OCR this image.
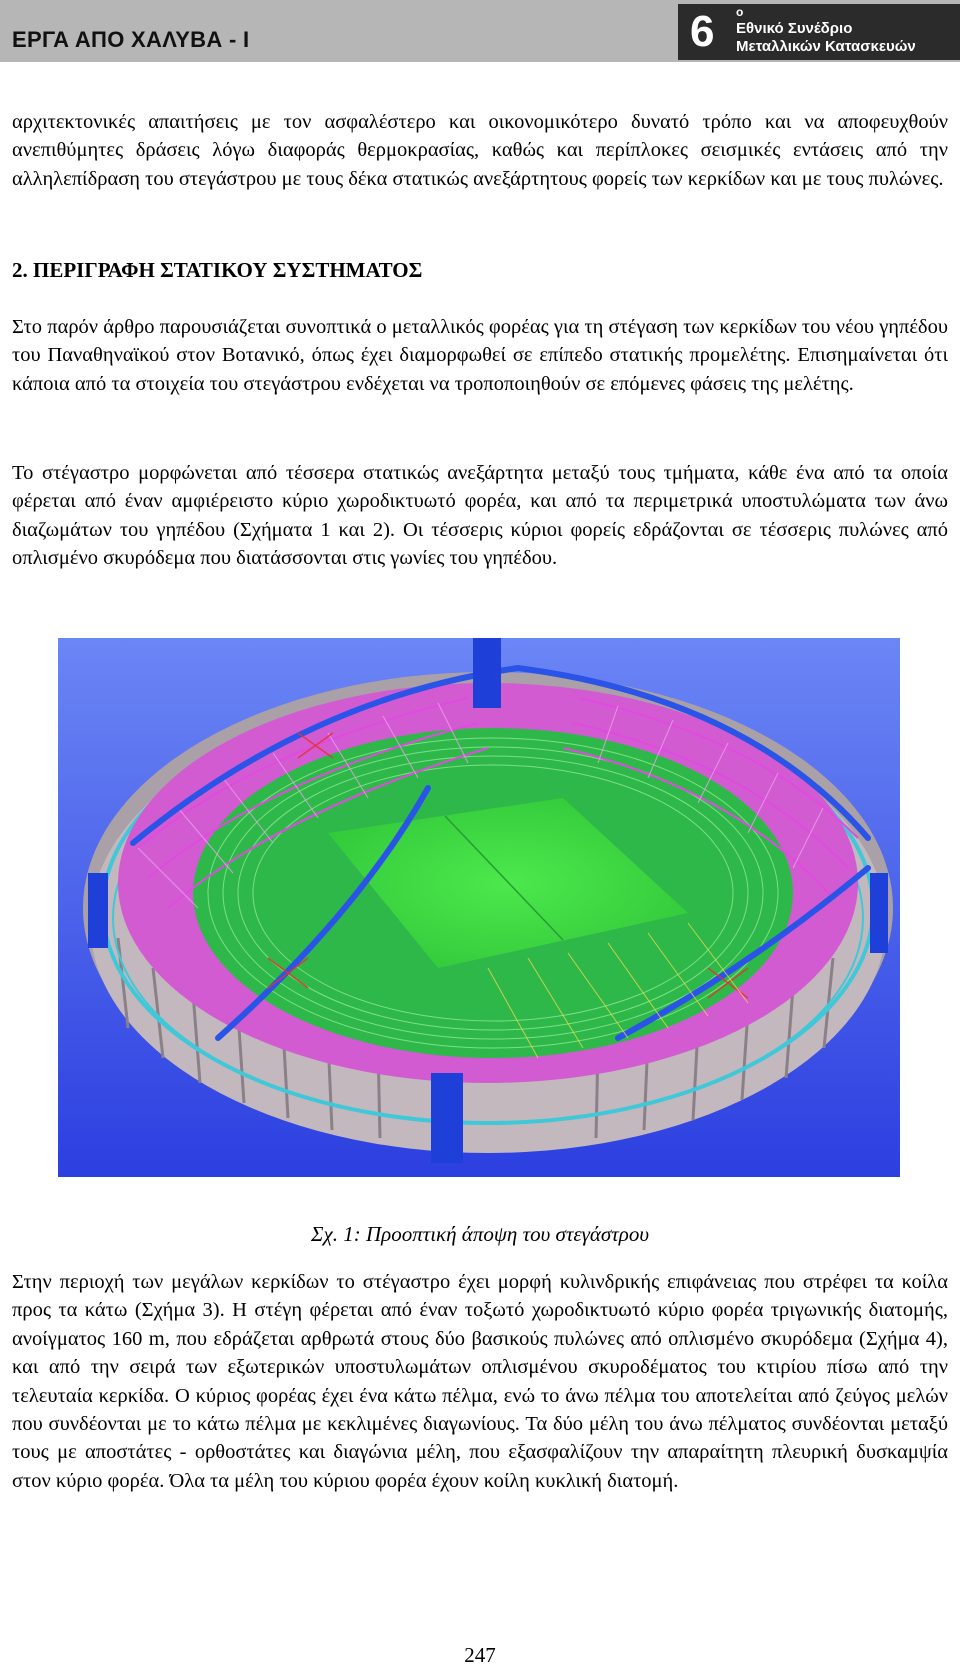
ΕΡΓΑ ΑΠΟ ΧΑΛΥΒΑ - Ι	6 ο
Εθνικό Συνέδριο
Μεταλλικών Κατασκευών

αρχιτεκτονικές απαιτήσεις με τον ασφαλέστερο και οικονομικότερο δυνατό τρόπο και να αποφευχθούν ανεπιθύμητες δράσεις λόγω διαφοράς θερμοκρασίας, καθώς και περίπλοκες σεισμικές εντάσεις από την αλληλεπίδραση του στεγάστρου με τους δέκα στατικώς ανεξάρτητους φορείς των κερκίδων και με τους πυλώνες.

2. ΠΕΡΙΓΡΑΦΗ ΣΤΑΤΙΚΟΥ ΣΥΣΤΗΜΑΤΟΣ

Στο παρόν άρθρο παρουσιάζεται συνοπτικά ο μεταλλικός φορέας για τη στέγαση των κερκίδων του νέου γηπέδου του Παναθηναϊκού στον Βοτανικό, όπως έχει διαμορφωθεί σε επίπεδο στατικής προμελέτης. Επισημαίνεται ότι κάποια από τα στοιχεία του στεγάστρου ενδέχεται να τροποποιηθούν σε επόμενες φάσεις της μελέτης.

Το στέγαστρο μορφώνεται από τέσσερα στατικώς ανεξάρτητα μεταξύ τους τμήματα, κάθε ένα από τα οποία φέρεται από έναν αμφιέρειστο κύριο χωροδικτυωτό φορέα, και από τα περιμετρικά υποστυλώματα των άνω διαζωμάτων του γηπέδου (Σχήματα 1 και 2). Οι τέσσερις κύριοι φορείς εδράζονται σε τέσσερις πυλώνες από οπλισμένο σκυρόδεμα που διατάσσονται στις γωνίες του γηπέδου.

Σχ. 1: Προοπτική άποψη του στεγάστρου

Στην περιοχή των μεγάλων κερκίδων το στέγαστρο έχει μορφή κυλινδρικής επιφάνειας που στρέφει τα κοίλα προς τα κάτω (Σχήμα 3). Η στέγη φέρεται από έναν τοξωτό χωροδικτυωτό κύριο φορέα τριγωνικής διατομής, ανοίγματος 160 m, που εδράζεται αρθρωτά στους δύο βασικούς πυλώνες από οπλισμένο σκυρόδεμα (Σχήμα 4), και από την σειρά των εξωτερικών υποστυλωμάτων οπλισμένου σκυροδέματος του κτιρίου πίσω από την τελευταία κερκίδα. Ο κύριος φορέας έχει ένα κάτω πέλμα, ενώ το άνω πέλμα του αποτελείται από ζεύγος μελών που συνδέονται με το κάτω πέλμα με κεκλιμένες διαγωνίους. Τα δύο μέλη του άνω πέλματος συνδέονται μεταξύ τους με αποστάτες - ορθοστάτες και διαγώνια μέλη, που εξασφαλίζουν την απαραίτητη πλευρική δυσκαμψία στον κύριο φορέα. Όλα τα μέλη του κύριου φορέα έχουν κοίλη κυκλική διατομή.

247
